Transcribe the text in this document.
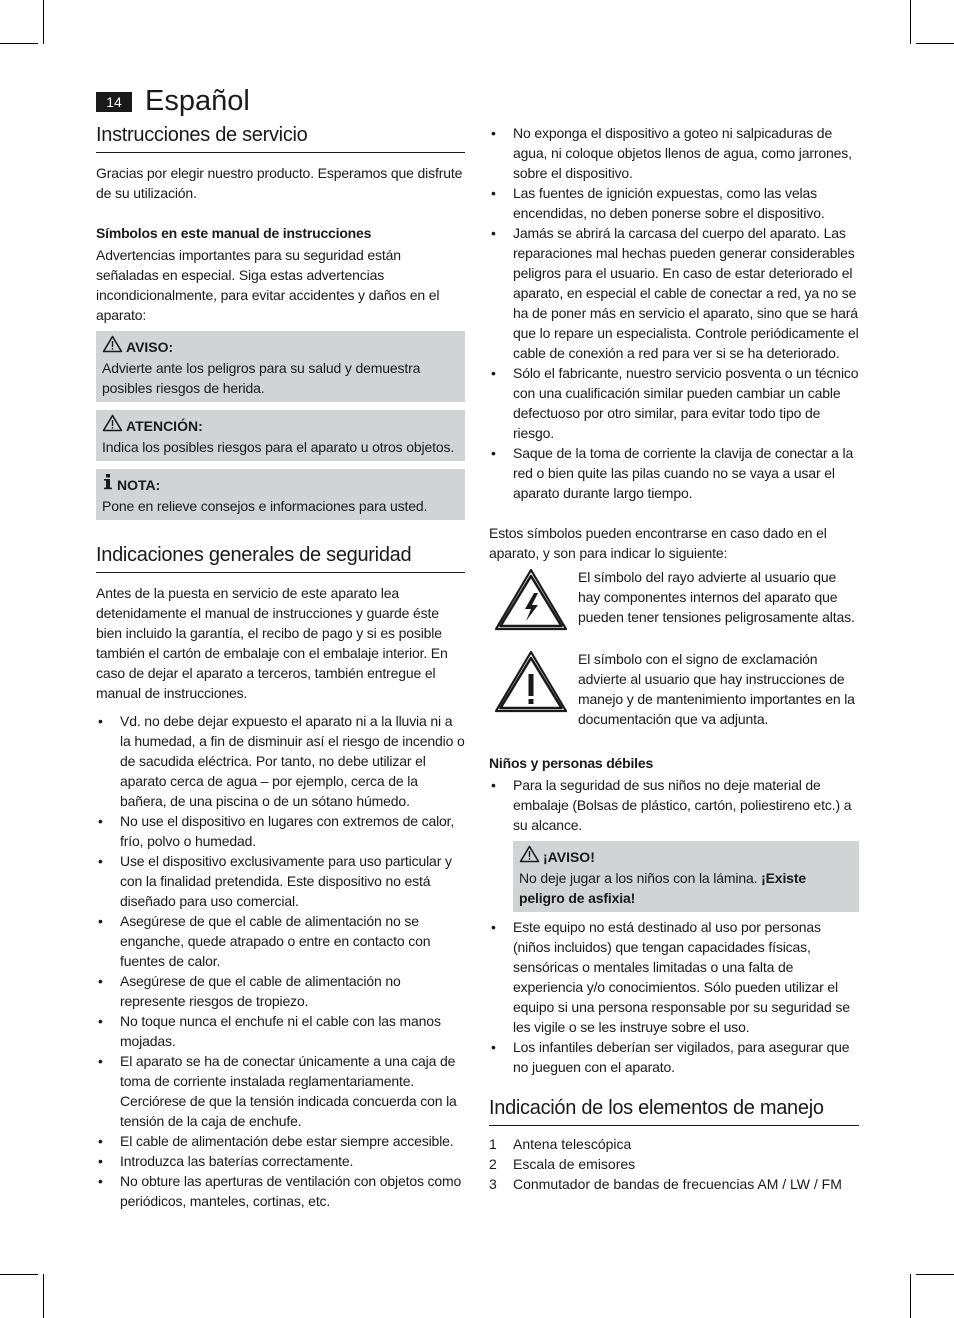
14 Español
Instrucciones de servicio
Gracias por elegir nuestro producto. Esperamos que disfrute de su utilización.
Símbolos en este manual de instrucciones
Advertencias importantes para su seguridad están señaladas en especial. Siga estas advertencias incondicionalmente, para evitar accidentes y daños en el aparato:
AVISO:
Advierte ante los peligros para su salud y demuestra posibles riesgos de herida.
ATENCIÓN:
Indica los posibles riesgos para el aparato u otros objetos.
NOTA:
Pone en relieve consejos e informaciones para usted.
Indicaciones generales de seguridad
Antes de la puesta en servicio de este aparato lea detenidamente el manual de instrucciones y guarde éste bien incluido la garantía, el recibo de pago y si es posible también el cartón de embalaje con el embalaje interior. En caso de dejar el aparato a terceros, también entregue el manual de instrucciones.
• Vd. no debe dejar expuesto el aparato ni a la lluvia ni a la humedad, a fin de disminuir así el riesgo de incendio o de sacudida eléctrica. Por tanto, no debe utilizar el aparato cerca de agua – por ejemplo, cerca de la bañera, de una piscina o de un sótano húmedo.
• No use el dispositivo en lugares con extremos de calor, frío, polvo o humedad.
• Use el dispositivo exclusivamente para uso particular y con la finalidad pretendida. Este dispositivo no está diseñado para uso comercial.
• Asegúrese de que el cable de alimentación no se enganche, quede atrapado o entre en contacto con fuentes de calor.
• Asegúrese de que el cable de alimentación no represente riesgos de tropiezo.
• No toque nunca el enchufe ni el cable con las manos mojadas.
• El aparato se ha de conectar únicamente a una caja de toma de corriente instalada reglamentariamente. Cerciórese de que la tensión indicada concuerda con la tensión de la caja de enchufe.
• El cable de alimentación debe estar siempre accesible.
• Introduzca las baterías correctamente.
• No obture las aperturas de ventilación con objetos como periódicos, manteles, cortinas, etc.
• No exponga el dispositivo a goteo ni salpicaduras de agua, ni coloque objetos llenos de agua, como jarrones, sobre el dispositivo.
• Las fuentes de ignición expuestas, como las velas encendidas, no deben ponerse sobre el dispositivo.
• Jamás se abrirá la carcasa del cuerpo del aparato. Las reparaciones mal hechas pueden generar considerables peligros para el usuario. En caso de estar deteriorado el aparato, en especial el cable de conectar a red, ya no se ha de poner más en servicio el aparato, sino que se hará que lo repare un especialista. Controle periódicamente el cable de conexión a red para ver si se ha deteriorado.
• Sólo el fabricante, nuestro servicio posventa o un técnico con una cualificación similar pueden cambiar un cable defectuoso por otro similar, para evitar todo tipo de riesgo.
• Saque de la toma de corriente la clavija de conectar a la red o bien quite las pilas cuando no se vaya a usar el aparato durante largo tiempo.
Estos símbolos pueden encontrarse en caso dado en el aparato, y son para indicar lo siguiente:
El símbolo del rayo advierte al usuario que hay componentes internos del aparato que pueden tener tensiones peligrosamente altas.
El símbolo con el signo de exclamación advierte al usuario que hay instrucciones de manejo y de mantenimiento importantes en la documentación que va adjunta.
Niños y personas débiles
• Para la seguridad de sus niños no deje material de embalaje (Bolsas de plástico, cartón, poliestireno etc.) a su alcance.
¡AVISO!
No deje jugar a los niños con la lámina. ¡Existe peligro de asfixia!
• Este equipo no está destinado al uso por personas (niños incluidos) que tengan capacidades físicas, sensóricas o mentales limitadas o una falta de experiencia y/o conocimientos. Sólo pueden utilizar el equipo si una persona responsable por su seguridad se les vigile o se les instruye sobre el uso.
• Los infantiles deberían ser vigilados, para asegurar que no jueguen con el aparato.
Indicación de los elementos de manejo
1 Antena telescópica
2 Escala de emisores
3 Conmutador de bandas de frecuencias AM / LW / FM
